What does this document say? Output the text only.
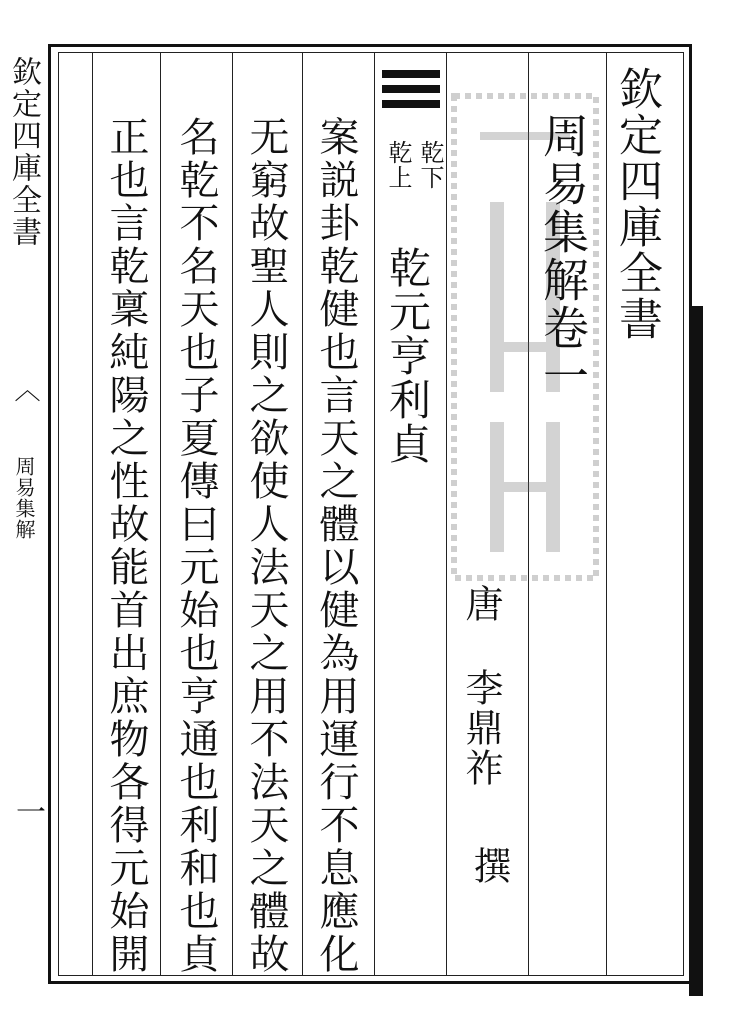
欽定四庫全書
︿
周易集解
一
欽定四庫全書
周易集解卷一
唐
李鼎祚
撰
乾下
乾上
乾元亨利貞
案説卦乾健也言天之體以健為用運行不息應化
无窮故聖人則之欲使人法天之用不法天之體故
名乾不名天也子夏傳曰元始也亨通也利和也貞
正也言乾稟純陽之性故能首出庶物各得元始開
